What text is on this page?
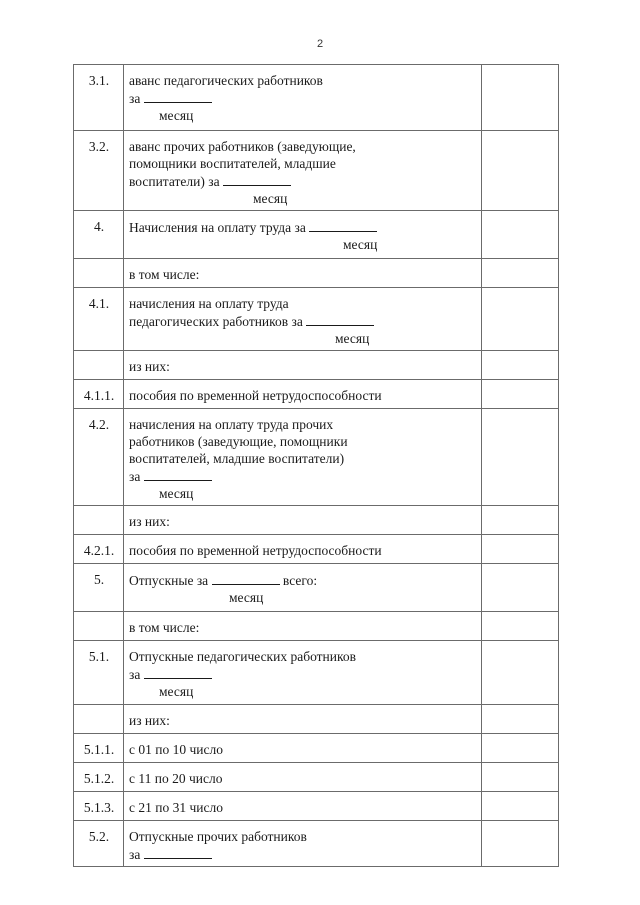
2
3.1.	аванс педагогических работников
за
месяц	

3.2.	аванс прочих работников (заведующие,
помощники воспитателей, младшие
воспитатели) за
месяц	

4.	Начисления на оплату труда за
месяц	

	в том числе:	
4.1.	начисления на оплату труда
педагогических работников за
месяц	

	из них:	
4.1.1.	пособия по временной нетрудоспособности	
4.2.	начисления на оплату труда прочих
работников (заведующие, помощники
воспитателей, младшие воспитатели)
за
месяц	

	из них:	
4.2.1.	пособия по временной нетрудоспособности	
5.	Отпускные за всего:
месяц	

	в том числе:	
5.1.	Отпускные педагогических работников
за
месяц	

	из них:	
5.1.1.	с 01 по 10 число	
5.1.2.	с 11 по 20 число	
5.1.3.	с 21 по 31 число	
5.2.	Отпускные прочих работников
за	
